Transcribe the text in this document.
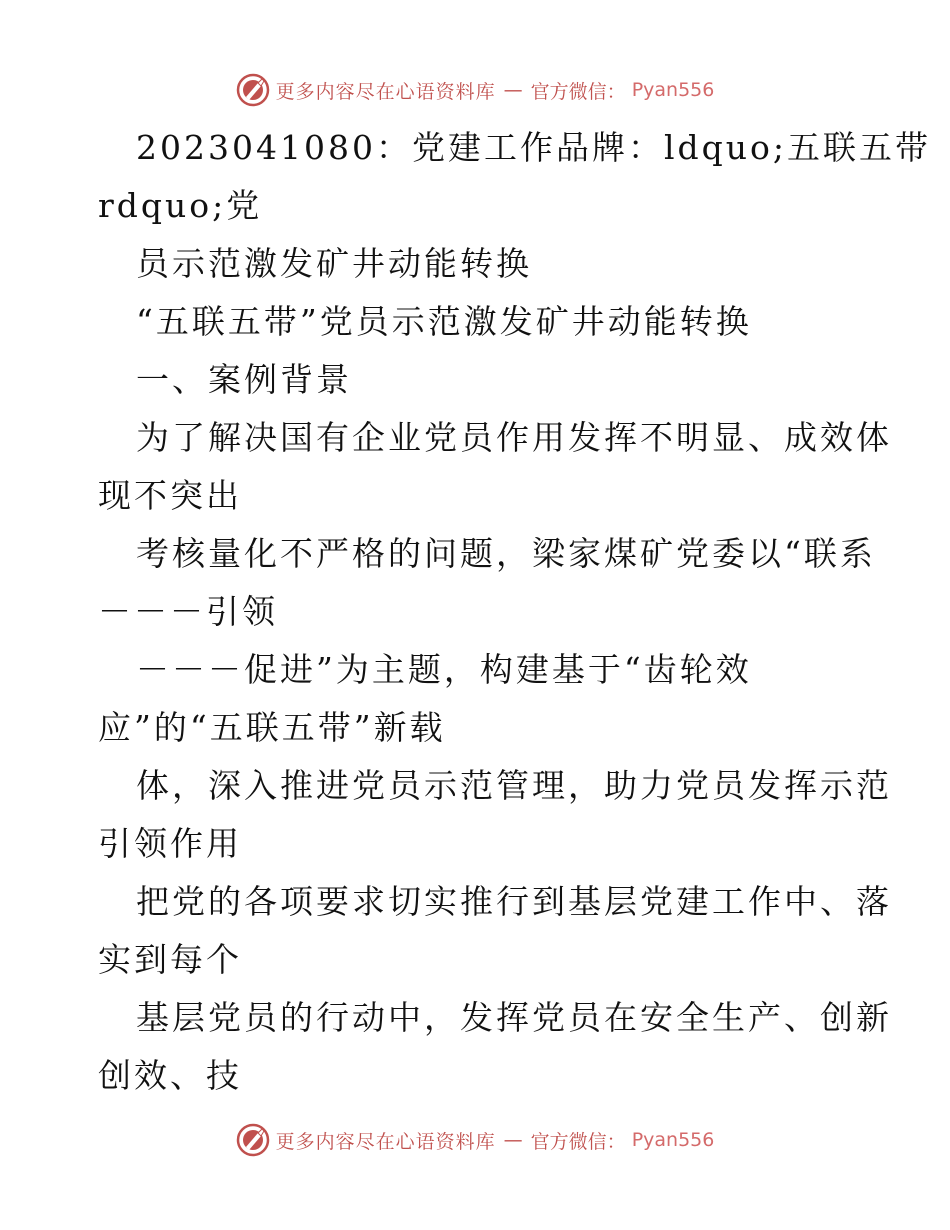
更多内容尽在心语资料库 — 官方微信： Pyan556
2023041080：党建工作品牌：ldquo;五联五带
rdquo;党
员示范激发矿井动能转换
“五联五带”党员示范激发矿井动能转换
一、案例背景
为了解决国有企业党员作用发挥不明显、成效体
现不突出
考核量化不严格的问题，梁家煤矿党委以“联系
－－－引领
－－－促进”为主题，构建基于“齿轮效
应”的“五联五带”新载
体，深入推进党员示范管理，助力党员发挥示范
引领作用
把党的各项要求切实推行到基层党建工作中、落
实到每个
基层党员的行动中，发挥党员在安全生产、创新
创效、技
更多内容尽在心语资料库 — 官方微信： Pyan556
